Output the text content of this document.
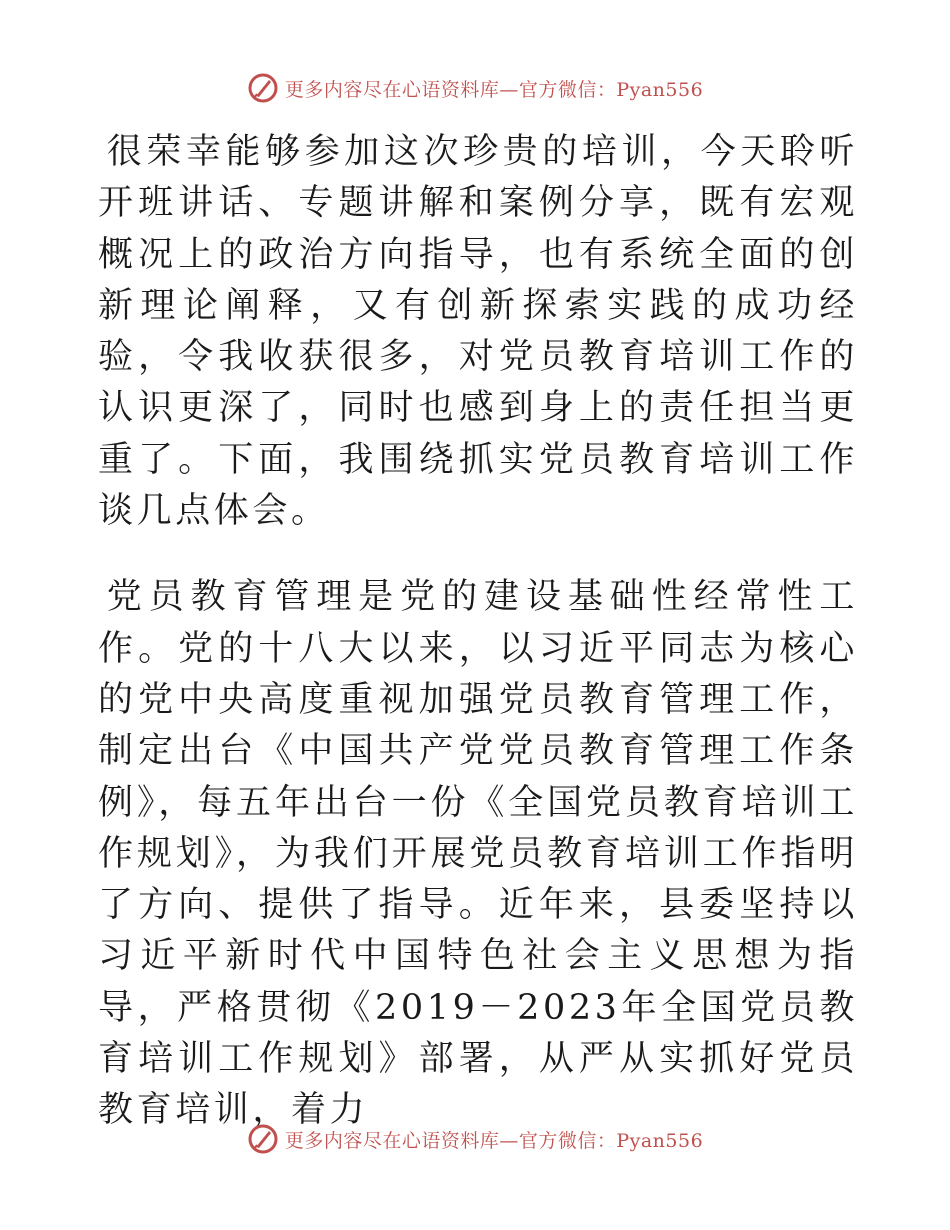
更多内容尽在心语资料库—官方微信：Pyan556

很荣幸能够参加这次珍贵的培训，今天聆听开班讲话、专题讲解和案例分享，既有宏观概况上的政治方向指导，也有系统全面的创新理论阐释，又有创新探索实践的成功经验，令我收获很多，对党员教育培训工作的认识更深了，同时也感到身上的责任担当更重了。下面，我围绕抓实党员教育培训工作谈几点体会。

党员教育管理是党的建设基础性经常性工作。党的十八大以来，以习近平同志为核心的党中央高度重视加强党员教育管理工作，制定出台《中国共产党党员教育管理工作条例》，每五年出台一份《全国党员教育培训工作规划》，为我们开展党员教育培训工作指明了方向、提供了指导。近年来，县委坚持以习近平新时代中国特色社会主义思想为指导，严格贯彻《2019－2023年全国党员教育培训工作规划》部署，从严从实抓好党员教育培训，着力

更多内容尽在心语资料库—官方微信：Pyan556
